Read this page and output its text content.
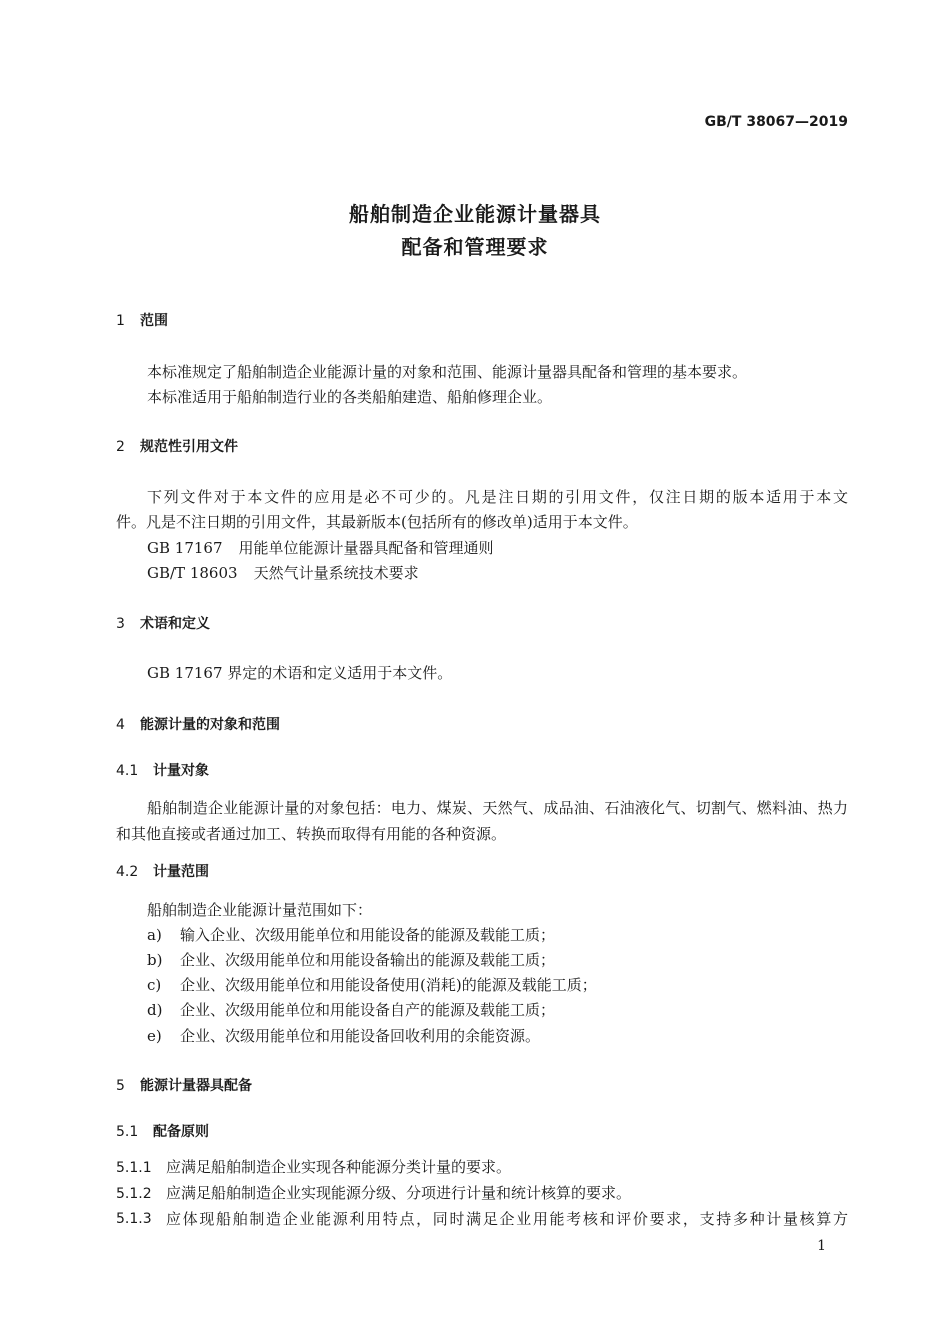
GB/T 38067—2019
船舶制造企业能源计量器具
配备和管理要求
1 范围
本标准规定了船舶制造企业能源计量的对象和范围、能源计量器具配备和管理的基本要求。
本标准适用于船舶制造行业的各类船舶建造、船舶修理企业。
2 规范性引用文件
下列文件对于本文件的应用是必不可少的。凡是注日期的引用文件，仅注日期的版本适用于本文
件。凡是不注日期的引用文件，其最新版本(包括所有的修改单)适用于本文件。
GB 17167 用能单位能源计量器具配备和管理通则
GB/T 18603 天然气计量系统技术要求
3 术语和定义
GB 17167 界定的术语和定义适用于本文件。
4 能源计量的对象和范围
4.1 计量对象
船舶制造企业能源计量的对象包括：电力、煤炭、天然气、成品油、石油液化气、切割气、燃料油、热力
和其他直接或者通过加工、转换而取得有用能的各种资源。
4.2 计量范围
船舶制造企业能源计量范围如下：
a) 输入企业、次级用能单位和用能设备的能源及载能工质；
b) 企业、次级用能单位和用能设备输出的能源及载能工质；
c) 企业、次级用能单位和用能设备使用(消耗)的能源及载能工质；
d) 企业、次级用能单位和用能设备自产的能源及载能工质；
e) 企业、次级用能单位和用能设备回收利用的余能资源。
5 能源计量器具配备
5.1 配备原则
5.1.1 应满足船舶制造企业实现各种能源分类计量的要求。
5.1.2 应满足船舶制造企业实现能源分级、分项进行计量和统计核算的要求。
5.1.3 应体现船舶制造企业能源利用特点，同时满足企业用能考核和评价要求，支持多种计量核算方
1
